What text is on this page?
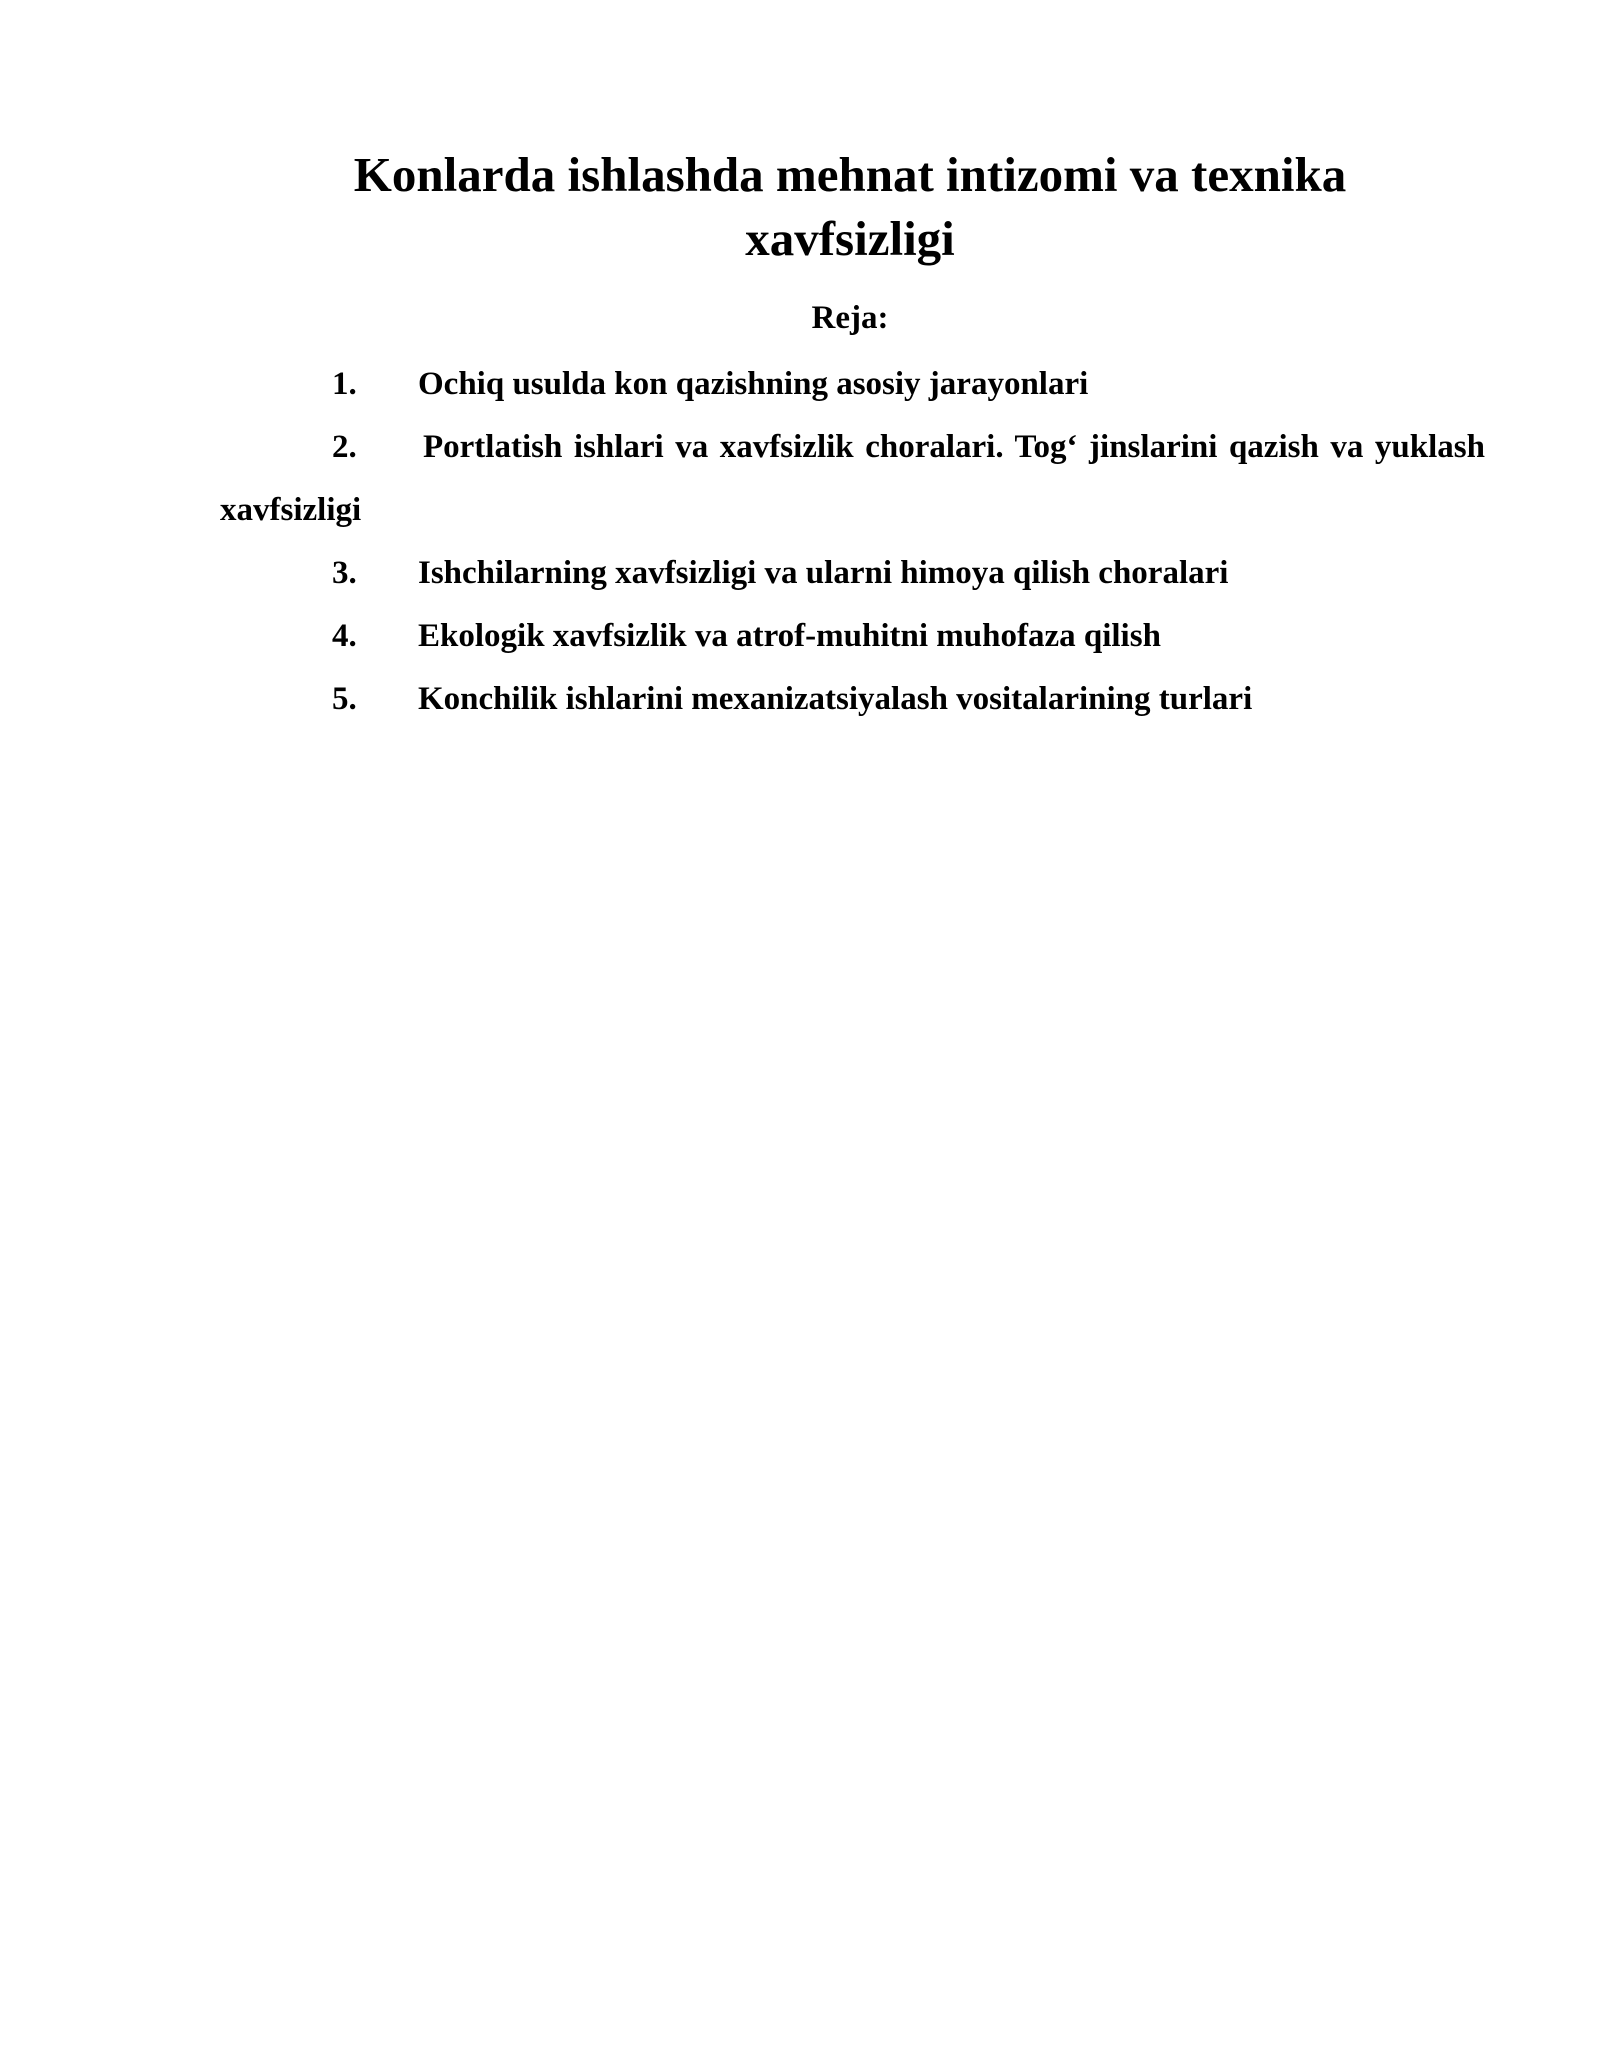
Konlarda ishlashda mehnat intizomi va texnika xavfsizligi
Reja:
1. Ochiq usulda kon qazishning asosiy jarayonlari
2.	Portlatish ishlari va xavfsizlik choralari. Tog‘ jinslarini qazish va yuklash xavfsizligi
3. Ishchilarning xavfsizligi va ularni himoya qilish choralari
4. Ekologik xavfsizlik va atrof-muhitni muhofaza qilish
5. Konchilik ishlarini mexanizatsiyalash vositalarining turlari
